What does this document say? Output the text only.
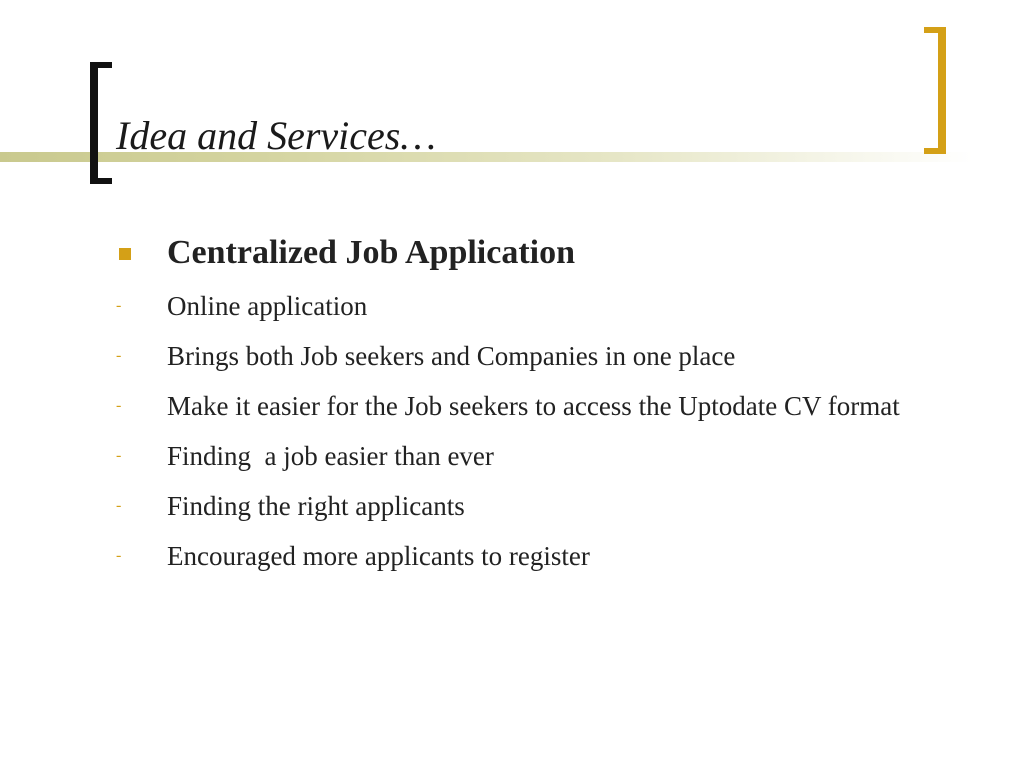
Idea and Services…
Centralized Job Application
- Online application
- Brings both Job seekers and Companies in one place
- Make it easier for the Job seekers to access the Uptodate CV format
- Finding  a job easier than ever
- Finding the right applicants
- Encouraged more applicants to register
